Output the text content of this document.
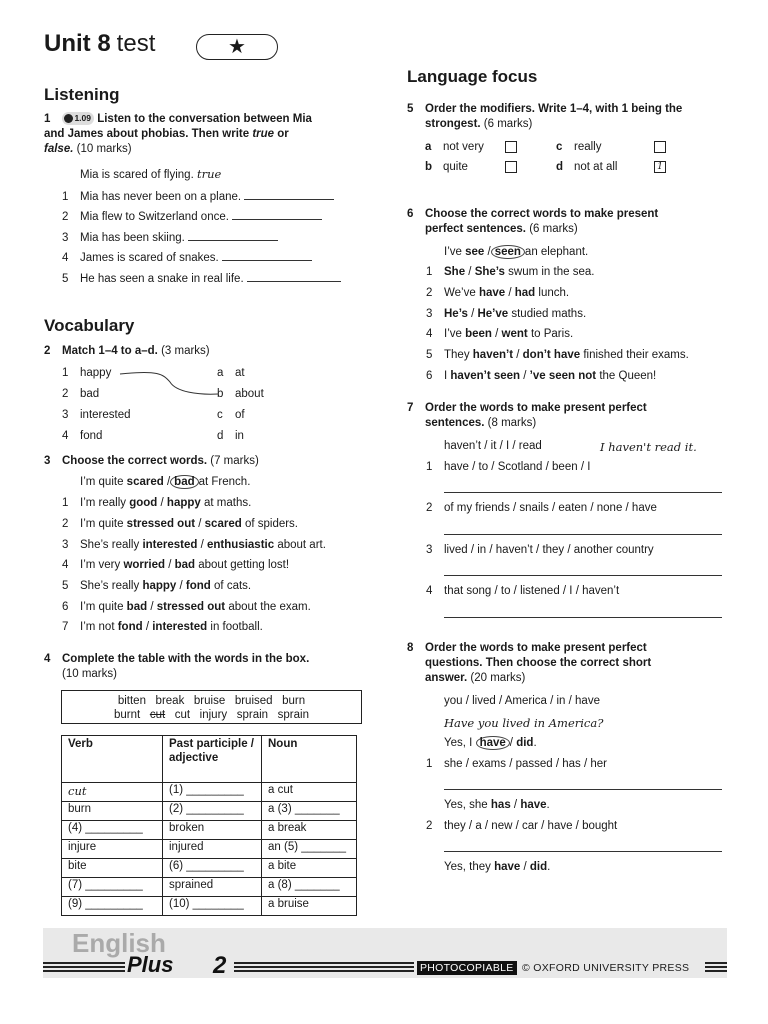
Unit 8 test	★
Listening
1	1.09 Listen to the conversation between Mia
and James about phobias. Then write true or
false. (10 marks)
Mia is scared of flying. true
1 Mia has never been on a plane.
2 Mia flew to Switzerland once.
3 Mia has been skiing.
4 James is scared of snakes.
5 He has seen a snake in real life.
Vocabulary
2 Match 1–4 to a–d. (3 marks)
1 happy
2 bad
3 interested
4 fond
a at
b about
c of
d in
3 Choose the correct words. (7 marks)
I’m quite scared / bad at French.
1 I’m really good / happy at maths.
2 I’m quite stressed out / scared of spiders.
3 She’s really interested / enthusiastic about art.
4 I’m very worried / bad about getting lost!
5 She’s really happy / fond of cats.
6 I’m quite bad / stressed out about the exam.
7 I’m not fond / interested in football.
4 Complete the table with the words in the box.
(10 marks)
bitten   break   bruise   bruised   burn
burnt cut cut   injury   sprain   sprain
Verb	Past participle / adjective	Noun
cut	(1) _________	a cut
burn	(2) _________	a (3) _______
(4) _________	broken	a break
injure	injured	an (5) _______
bite	(6) _________	a bite
(7) _________	sprained	a (8) _______
(9) _________	(10) ________	a bruise
Language focus
5 Order the modifiers. Write 1–4, with 1 being the
strongest. (6 marks)
a not very	c really
b quite	d not at all	1
6 Choose the correct words to make present
perfect sentences. (6 marks)
I’ve see / seen an elephant.
1 She / She’s swum in the sea.
2 We’ve have / had lunch.
3 He’s / He’ve studied maths.
4 I’ve been / went to Paris.
5 They haven’t / don’t have finished their exams.
6 I haven’t seen / ’ve seen not the Queen!
7 Order the words to make present perfect
sentences. (8 marks)
haven’t / it / I / read	I haven't read it.
1 have / to / Scotland / been / I
2 of my friends / snails / eaten / none / have
3 lived / in / haven’t / they / another country
4 that song / to / listened / I / haven’t
8 Order the words to make present perfect
questions. Then choose the correct short
answer. (20 marks)
you / lived / America / in / have
Have you lived in America?
Yes, I have / did.
1 she / exams / passed / has / her
Yes, she has / have.
2 they / a / new / car / have / bought
Yes, they have / did.
English
Plus 2	PHOTOCOPIABLE © OXFORD UNIVERSITY PRESS
